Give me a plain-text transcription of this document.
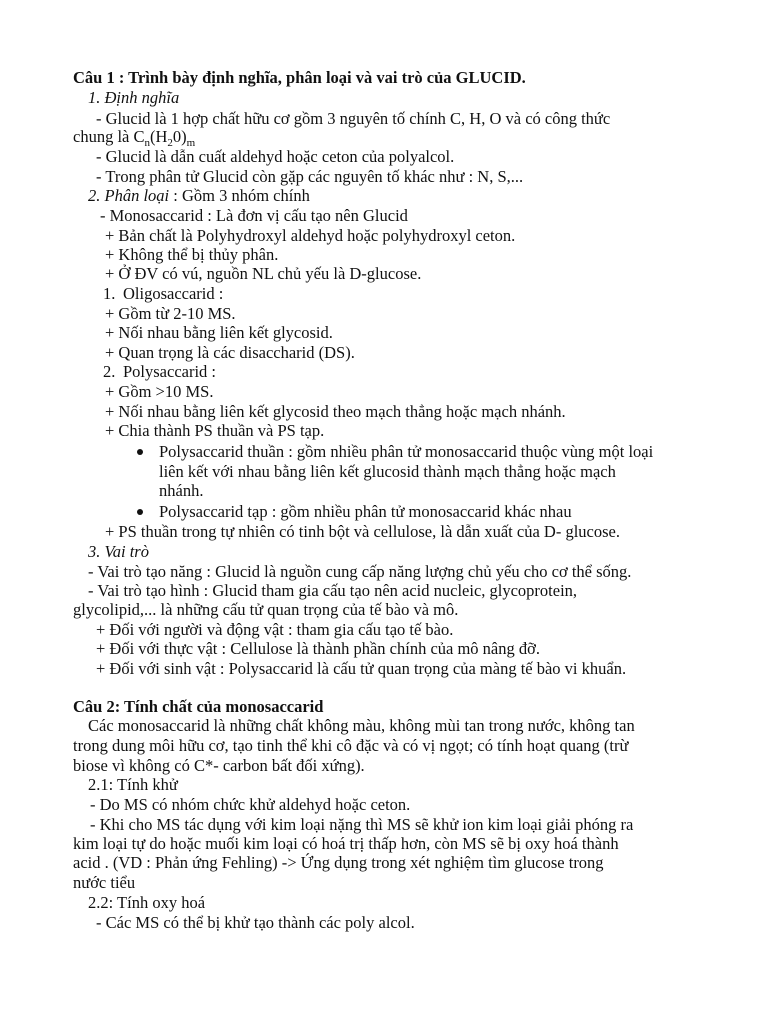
Câu 1 : Trình bày định nghĩa, phân loại và vai trò của GLUCID.
1. Định nghĩa
- Glucid là 1 hợp chất hữu cơ gồm 3 nguyên tố chính C, H, O và có công thức
chung là $C_n(H_20)_m$
- Glucid là dẫn cuất aldehyd hoặc ceton của polyalcol.
- Trong phân tử Glucid còn gặp các nguyên tố khác như : N, S,...
2. Phân loại : Gồm 3 nhóm chính
- Monosaccarid : Là đơn vị cấu tạo nên Glucid
+ Bản chất là Polyhydroxyl aldehyd hoặc polyhydroxyl ceton.
+ Không thể bị thủy phân.
+ Ở ĐV có vú, nguồn NL chủ yếu là D-glucose.
1. Oligosaccarid :
+ Gồm từ 2-10 MS.
+ Nối nhau bằng liên kết glycosid.
+ Quan trọng là các disaccharid (DS).
2. Polysaccarid :
+ Gồm >10 MS.
+ Nối nhau bằng liên kết glycosid theo mạch thẳng hoặc mạch nhánh.
+ Chia thành PS thuần và PS tạp.
Polysaccarid thuần : gồm nhiều phân tử monosaccarid thuộc vùng một loại
liên kết với nhau bằng liên kết glucosid thành mạch thẳng hoặc mạch
nhánh.
Polysaccarid tạp : gồm nhiều phân tử monosaccarid khác nhau
+ PS thuần trong tự nhiên có tinh bột và cellulose, là dẫn xuất của D- glucose.
3. Vai trò
- Vai trò tạo năng : Glucid là nguồn cung cấp năng lượng chủ yếu cho cơ thể sống.
- Vai trò tạo hình : Glucid tham gia cấu tạo nên acid nucleic, glycoprotein,
glycolipid,... là những cấu tử quan trọng của tế bào và mô.
+ Đối với người và động vật : tham gia cấu tạo tế bào.
+ Đối với thực vật : Cellulose là thành phần chính của mô nâng đỡ.
+ Đối với sinh vật : Polysaccarid là cấu tử quan trọng của màng tế bào vi khuẩn.
Câu 2: Tính chất của monosaccarid
Các monosaccarid là những chất không màu, không mùi tan trong nước, không tan
trong dung môi hữu cơ, tạo tinh thể khi cô đặc và có vị ngọt; có tính hoạt quang (trừ
biose vì không có C*- carbon bất đối xứng).
2.1: Tính khử
- Do MS có nhóm chức khử aldehyd hoặc ceton.
- Khi cho MS tác dụng với kim loại nặng thì MS sẽ khử ion kim loại giải phóng ra
kim loại tự do hoặc muối kim loại có hoá trị thấp hơn, còn MS sẽ bị oxy hoá thành
acid . (VD : Phản ứng Fehling) -> Ứng dụng trong xét nghiệm tìm glucose trong
nước tiểu
2.2: Tính oxy hoá
- Các MS có thể bị khử tạo thành các poly alcol.
